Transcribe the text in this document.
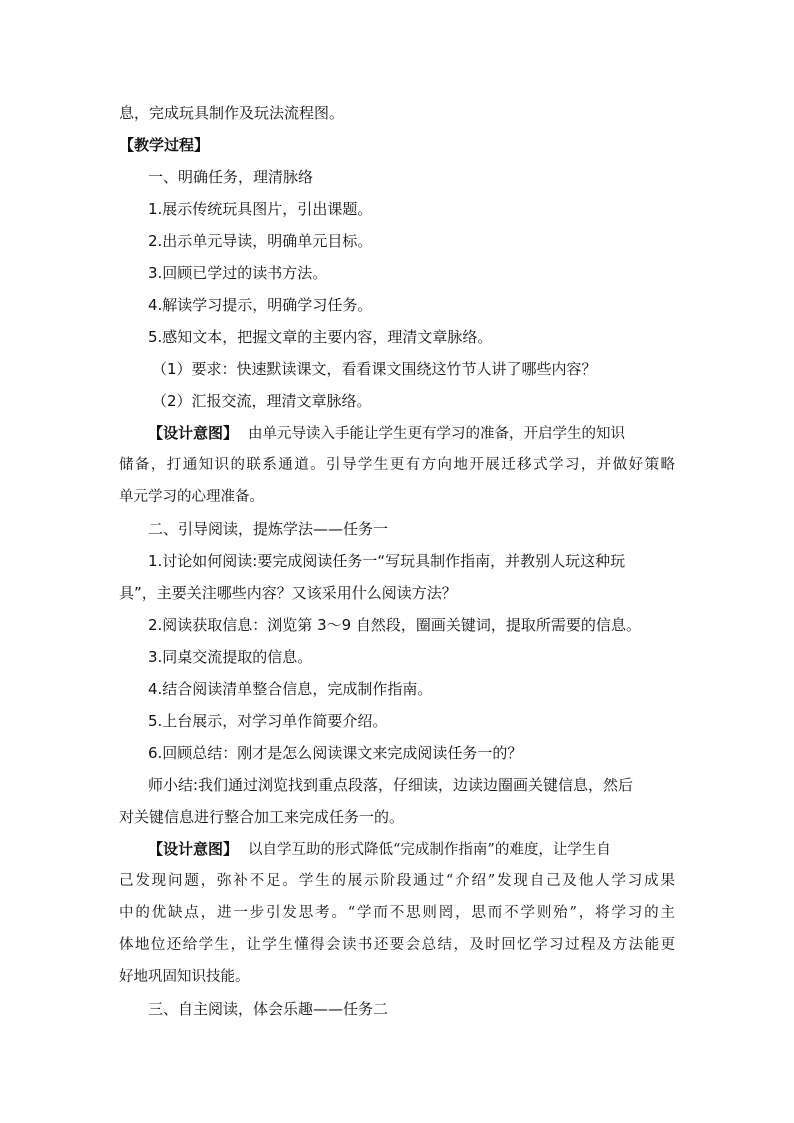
息，完成玩具制作及玩法流程图。
【教学过程】
一、明确任务，理清脉络
1.展示传统玩具图片，引出课题。
2.出示单元导读，明确单元目标。
3.回顾已学过的读书方法。
4.解读学习提示，明确学习任务。
5.感知文本，把握文章的主要内容，理清文章脉络。
（1）要求：快速默读课文，看看课文围绕这竹节人讲了哪些内容？
（2）汇报交流，理清文章脉络。
【设计意图】 由单元导读入手能让学生更有学习的准备，开启学生的知识
储备，打通知识的联系通道。引导学生更有方向地开展迁移式学习，并做好策略
单元学习的心理准备。
二、引导阅读，提炼学法——任务一
1.讨论如何阅读:要完成阅读任务一“写玩具制作指南，并教别人玩这种玩
具”，主要关注哪些内容？又该采用什么阅读方法？
2.阅读获取信息：浏览第 3～9 自然段，圈画关键词，提取所需要的信息。
3.同桌交流提取的信息。
4.结合阅读清单整合信息，完成制作指南。
5.上台展示，对学习单作简要介绍。
6.回顾总结：刚才是怎么阅读课文来完成阅读任务一的？
师小结:我们通过浏览找到重点段落，仔细读，边读边圈画关键信息，然后
对关键信息进行整合加工来完成任务一的。
【设计意图】 以自学互助的形式降低“完成制作指南”的难度，让学生自
己发现问题，弥补不足。学生的展示阶段通过“介绍”发现自己及他人学习成果
中的优缺点，进一步引发思考。“学而不思则罔，思而不学则殆”，将学习的主
体地位还给学生，让学生懂得会读书还要会总结，及时回忆学习过程及方法能更
好地巩固知识技能。
三、自主阅读，体会乐趣——任务二
